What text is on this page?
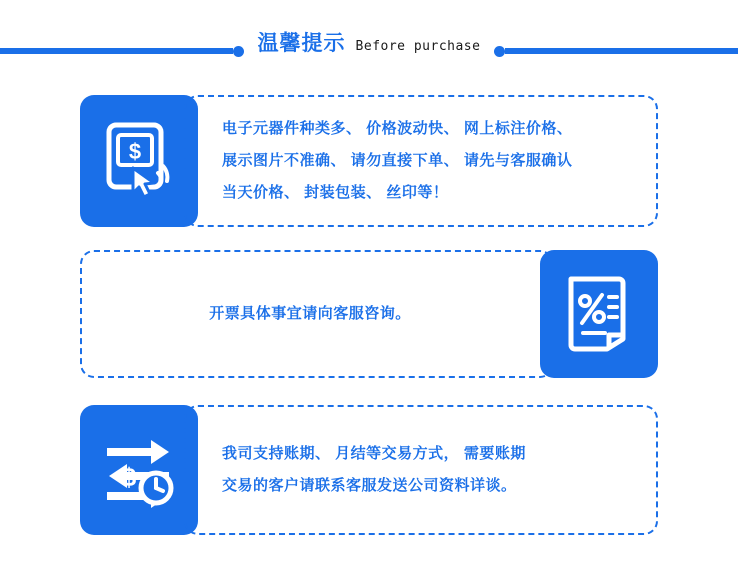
温馨提示 Before purchase
$
电子元器件种类多、 价格波动快、 网上标注价格、
展示图片不准确、 请勿直接下单、 请先与客服确认
当天价格、 封装包装、 丝印等！
开票具体事宜请向客服咨询。
$
我司支持账期、 月结等交易方式， 需要账期
交易的客户请联系客服发送公司资料详谈。
